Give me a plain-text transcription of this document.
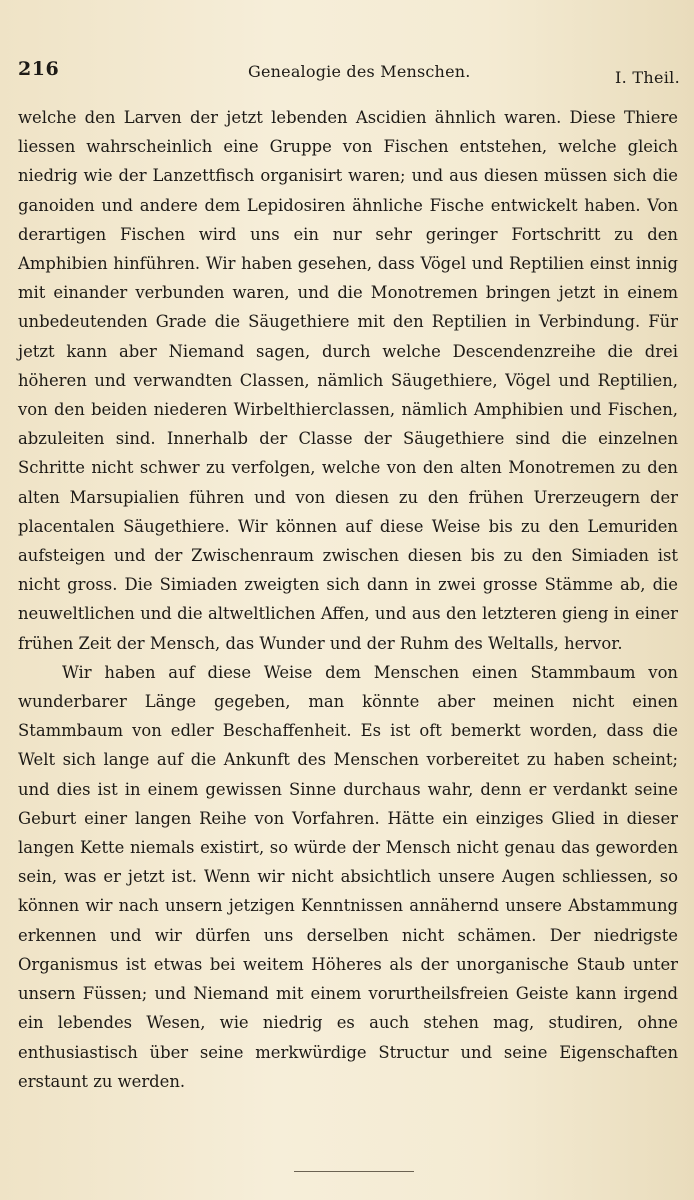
216	Genealogie des Menschen.	I. Theil.

welche den Larven der jetzt lebenden Ascidien ähnlich waren. Diese Thiere liessen wahrscheinlich eine Gruppe von Fischen entstehen, welche gleich niedrig wie der Lanzettfisch organisirt waren; und aus diesen müssen sich die ganoiden und andere dem Lepidosiren ähnliche Fische entwickelt haben. Von derartigen Fischen wird uns ein nur sehr geringer Fortschritt zu den Amphibien hinführen. Wir haben gesehen, dass Vögel und Reptilien einst innig mit einander verbunden waren, und die Monotremen bringen jetzt in einem unbedeutenden Grade die Säugethiere mit den Reptilien in Verbindung. Für jetzt kann aber Niemand sagen, durch welche Descendenzreihe die drei höheren und verwandten Classen, nämlich Säugethiere, Vögel und Reptilien, von den beiden niederen Wirbelthierclassen, nämlich Amphibien und Fischen, abzuleiten sind. Innerhalb der Classe der Säugethiere sind die einzelnen Schritte nicht schwer zu verfolgen, welche von den alten Monotremen zu den alten Marsupialien führen und von diesen zu den frühen Urerzeugern der placentalen Säugethiere. Wir können auf diese Weise bis zu den Lemuriden aufsteigen und der Zwischenraum zwischen diesen bis zu den Simiaden ist nicht gross. Die Simiaden zweigten sich dann in zwei grosse Stämme ab, die neuweltlichen und die altweltlichen Affen, und aus den letzteren gieng in einer frühen Zeit der Mensch, das Wunder und der Ruhm des Weltalls, hervor.

Wir haben auf diese Weise dem Menschen einen Stammbaum von wunderbarer Länge gegeben, man könnte aber meinen nicht einen Stammbaum von edler Beschaffenheit. Es ist oft bemerkt worden, dass die Welt sich lange auf die Ankunft des Menschen vorbereitet zu haben scheint; und dies ist in einem gewissen Sinne durchaus wahr, denn er verdankt seine Geburt einer langen Reihe von Vorfahren. Hätte ein einziges Glied in dieser langen Kette niemals existirt, so würde der Mensch nicht genau das geworden sein, was er jetzt ist. Wenn wir nicht absichtlich unsere Augen schliessen, so können wir nach unsern jetzigen Kenntnissen annähernd unsere Abstammung erkennen und wir dürfen uns derselben nicht schämen. Der niedrigste Organismus ist etwas bei weitem Höheres als der unorganische Staub unter unsern Füssen; und Niemand mit einem vorurtheilsfreien Geiste kann irgend ein lebendes Wesen, wie niedrig es auch stehen mag, studiren, ohne enthusiastisch über seine merkwürdige Structur und seine Eigenschaften erstaunt zu werden.
